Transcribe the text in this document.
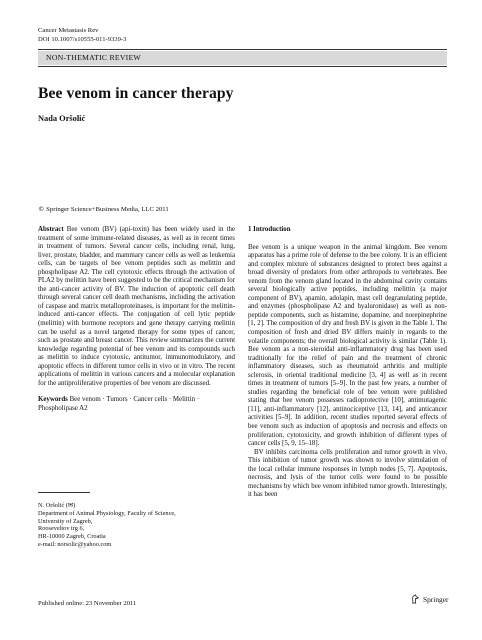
Cancer Metastasis Rev
DOI 10.1007/s10555-011-9339-3
NON-THEMATIC REVIEW
Bee venom in cancer therapy
Nada Oršolić
© Springer Science+Business Media, LLC 2011

Abstract Bee venom (BV) (api-toxin) has been widely used in the treatment of some immune-related diseases, as well as in recent times in treatment of tumors. Several cancer cells, including renal, lung, liver, prostate, bladder, and mammary cancer cells as well as leukemia cells, can be targets of bee venom peptides such as melittin and phospholipase A2. The cell cytotoxic effects through the activation of PLA2 by melittin have been suggested to be the critical mechanism for the anti-cancer activity of BV. The induction of apoptotic cell death through several cancer cell death mechanisms, including the activation of caspase and matrix metalloproteinases, is important for the melittin-induced anti-cancer effects. The conjugation of cell lytic peptide (melittin) with hormone receptors and gene therapy carrying melittin can be useful as a novel targeted therapy for some types of cancer, such as prostate and breast cancer. This review summarizes the current knowledge regarding potential of bee venom and its compounds such as melittin to induce cytotoxic, antitumor, immunomodulatory, and apoptotic effects in different tumor cells in vivo or in vitro. The recent applications of melittin in various cancers and a molecular explanation for the antiproliferative properties of bee venom are discussed.

Keywords Bee venom · Tumors · Cancer cells · Melittin · Phospholipase A2

N. Oršolić (✉)
Department of Animal Physiology, Faculty of Science,
University of Zagreb,
Rooseveltov trg 6,
HR-10000 Zagreb, Croatia
e-mail: norsolic@yahoo.com
Published online: 23 November 2011
1 Introduction

Bee venom is a unique weapon in the animal kingdom. Bee venom apparatus has a prime role of defense to the bee colony. It is an efficient and complex mixture of substances designed to protect bees against a broad diversity of predators from other arthropods to vertebrates. Bee venom from the venom gland located in the abdominal cavity contains several biologically active peptides, including melittin (a major component of BV), apamin, adolapin, mast cell degranulating peptide, and enzymes (phospholipase A2 and hyaluronidase) as well as non-peptide components, such as histamine, dopamine, and norepinephrine [1, 2]. The composition of dry and fresh BV is given in the Table 1. The composition of fresh and dried BV differs mainly in regards to the volatile components; the overall biological activity is similar (Table 1). Bee venom as a non-steroidal anti-inflammatory drug has been used traditionally for the relief of pain and the treatment of chronic inflammatory diseases, such as rheumatoid arthritis and multiple sclerosis, in oriental traditional medicine [3, 4] as well as in recent times in treatment of tumors [5–9]. In the past few years, a number of studies regarding the beneficial role of bee venom were published stating that bee venom possesses radioprotective [10], antimutagenic [11], anti-inflammatory [12], antinociceptive [13, 14], and anticancer activities [5–9]. In addition, recent studies reported several effects of bee venom such as induction of apoptosis and necrosis and effects on proliferation, cytotoxicity, and growth inhibition of different types of cancer cells [5, 9, 15–18].

BV inhibits carcinoma cells proliferation and tumor growth in vivo. This inhibition of tumor growth was shown to involve stimulation of the local cellular immune responses in lymph nodes [5, 7]. Apoptosis, necrosis, and lysis of the tumor cells were found to be possible mechanisms by which bee venom inhibited tumor growth. Interestingly, it has been

Springer
